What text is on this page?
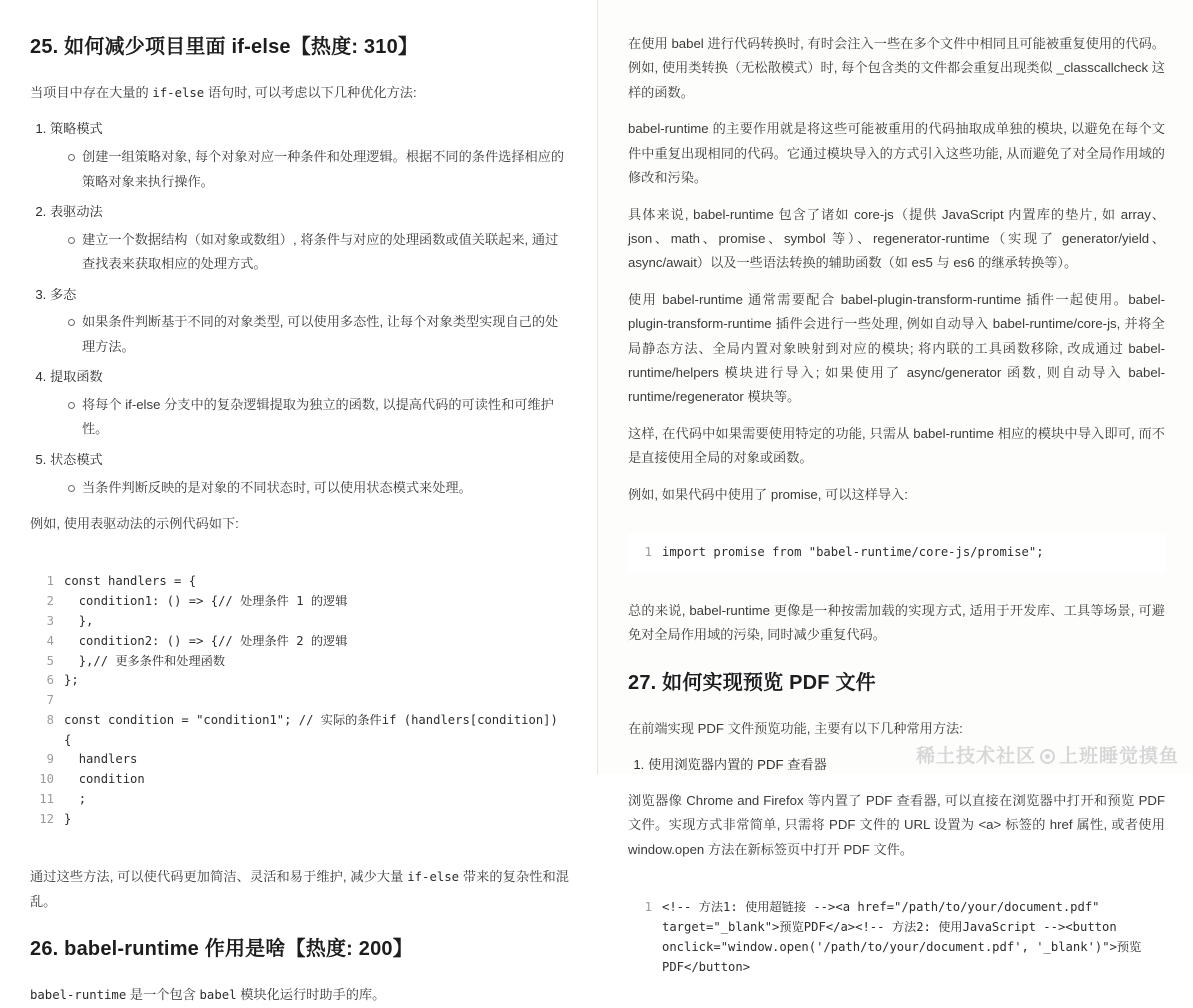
25. 如何减少项目里面 if-else【热度: 310】

当项目中存在大量的 if-else 语句时, 可以考虑以下几种优化方法:

1. 策略模式
创建一组策略对象, 每个对象对应一种条件和处理逻辑。根据不同的条件选择相应的策略对象来执行操作。
2. 表驱动法
建立一个数据结构（如对象或数组）, 将条件与对应的处理函数或值关联起来, 通过查找表来获取相应的处理方式。
3. 多态
如果条件判断基于不同的对象类型, 可以使用多态性, 让每个对象类型实现自己的处理方法。
4. 提取函数
将每个 if-else 分支中的复杂逻辑提取为独立的函数, 以提高代码的可读性和可维护性。
5. 状态模式
当条件判断反映的是对象的不同状态时, 可以使用状态模式来处理。

例如, 使用表驱动法的示例代码如下:

1 const handlers = {
2 condition1: () => {// 处理条件 1 的逻辑
3 },
4 condition2: () => {// 处理条件 2 的逻辑
5 },// 更多条件和处理函数
6 };
7
8 const condition = "condition1"; // 实际的条件if (handlers[condition]) {
9 handlers
10 condition
11 ;
12 }

通过这些方法, 可以使代码更加简洁、灵活和易于维护, 减少大量 if-else 带来的复杂性和混乱。

26. babel-runtime 作用是啥【热度: 200】

babel-runtime 是一个包含 babel 模块化运行时助手的库。

在使用 babel 进行代码转换时, 有时会注入一些在多个文件中相同且可能被重复使用的代码。例如, 使用类转换（无松散模式）时, 每个包含类的文件都会重复出现类似 _classcallcheck 这样的函数。

babel-runtime 的主要作用就是将这些可能被重用的代码抽取成单独的模块, 以避免在每个文件中重复出现相同的代码。它通过模块导入的方式引入这些功能, 从而避免了对全局作用域的修改和污染。

具体来说, babel-runtime 包含了诸如 core-js（提供 JavaScript 内置库的垫片, 如 array、json、math、promise、symbol 等）、regenerator-runtime（实现了 generator/yield、async/await）以及一些语法转换的辅助函数（如 es5 与 es6 的继承转换等）。

使用 babel-runtime 通常需要配合 babel-plugin-transform-runtime 插件一起使用。babel-plugin-transform-runtime 插件会进行一些处理, 例如自动导入 babel-runtime/core-js, 并将全局静态方法、全局内置对象映射到对应的模块; 将内联的工具函数移除, 改成通过 babel-runtime/helpers 模块进行导入; 如果使用了 async/generator 函数, 则自动导入 babel-runtime/regenerator 模块等。

这样, 在代码中如果需要使用特定的功能, 只需从 babel-runtime 相应的模块中导入即可, 而不是直接使用全局的对象或函数。

例如, 如果代码中使用了 promise, 可以这样导入:

1 import promise from "babel-runtime/core-js/promise";

总的来说, babel-runtime 更像是一种按需加载的实现方式, 适用于开发库、工具等场景, 可避免对全局作用域的污染, 同时减少重复代码。

27. 如何实现预览 PDF 文件

在前端实现 PDF 文件预览功能, 主要有以下几种常用方法:

1. 使用浏览器内置的 PDF 查看器

浏览器像 Chrome and Firefox 等内置了 PDF 查看器, 可以直接在浏览器中打开和预览 PDF 文件。实现方式非常简单, 只需将 PDF 文件的 URL 设置为 <a> 标签的 href 属性, 或者使用 window.open 方法在新标签页中打开 PDF 文件。

1 <!-- 方法1: 使用超链接 --><a href="/path/to/your/document.pdf" target="_blank">预览PDF</a><!-- 方法2: 使用JavaScript --><button onclick="window.open('/path/to/your/document.pdf', '_blank')">预览PDF</button>
稀土技术社区 上班睡觉摸鱼
